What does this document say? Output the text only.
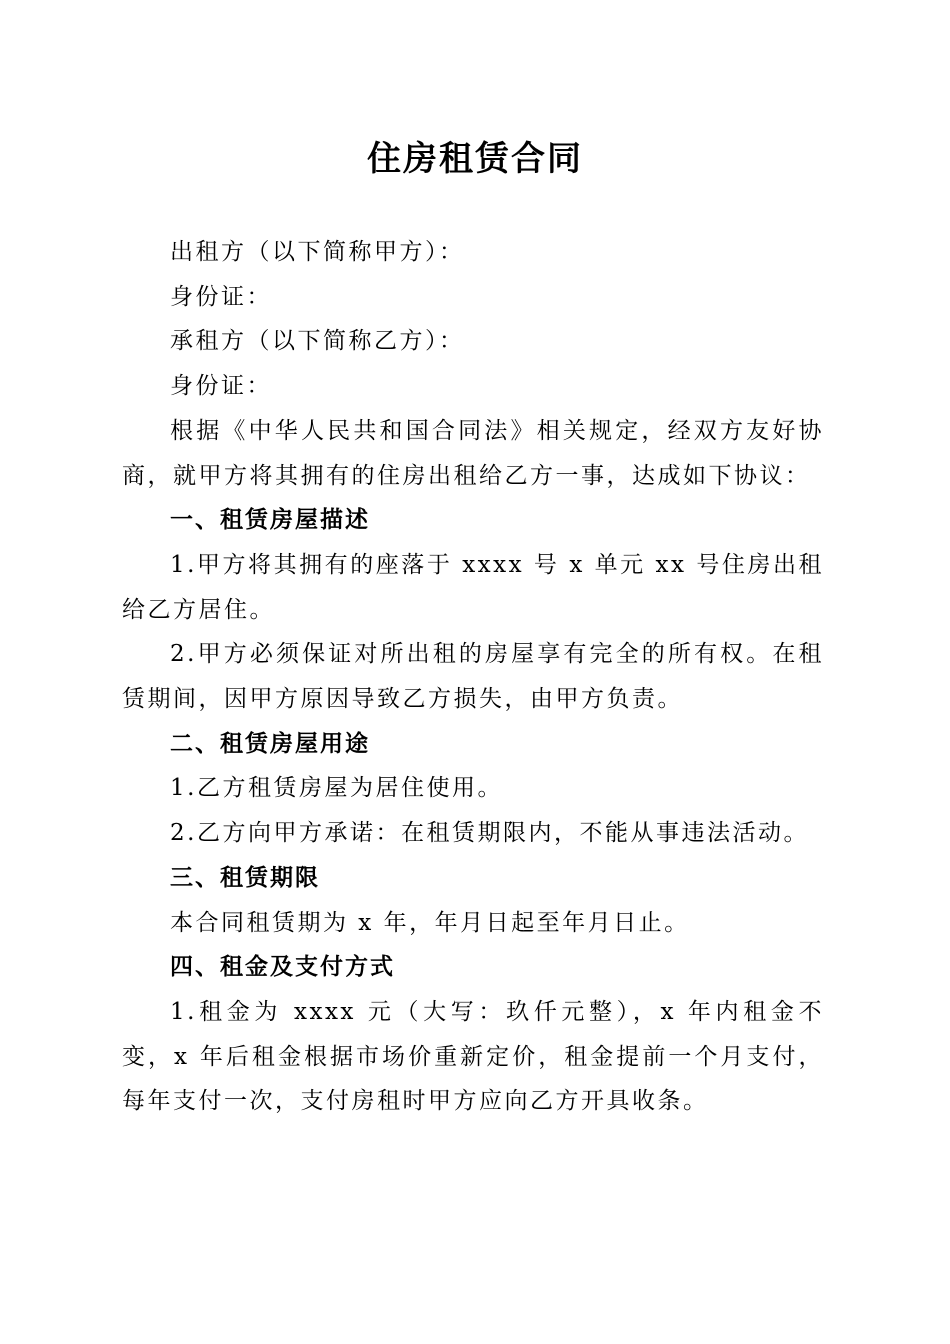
住房租赁合同

出租方（以下简称甲方）：

身份证：

承租方（以下简称乙方）：

身份证：

根据《中华人民共和国合同法》相关规定，经双方友好协商，就甲方将其拥有的住房出租给乙方一事，达成如下协议：

一、租赁房屋描述

1.甲方将其拥有的座落于 xxxx 号 x 单元 xx 号住房出租给乙方居住。

2.甲方必须保证对所出租的房屋享有完全的所有权。在租赁期间，因甲方原因导致乙方损失，由甲方负责。

二、租赁房屋用途

1.乙方租赁房屋为居住使用。

2.乙方向甲方承诺：在租赁期限内，不能从事违法活动。

三、租赁期限

本合同租赁期为 x 年，年月日起至年月日止。

四、租金及支付方式

1.租金为 xxxx 元（大写：玖仟元整），x 年内租金不变，x 年后租金根据市场价重新定价，租金提前一个月支付，每年支付一次，支付房租时甲方应向乙方开具收条。
